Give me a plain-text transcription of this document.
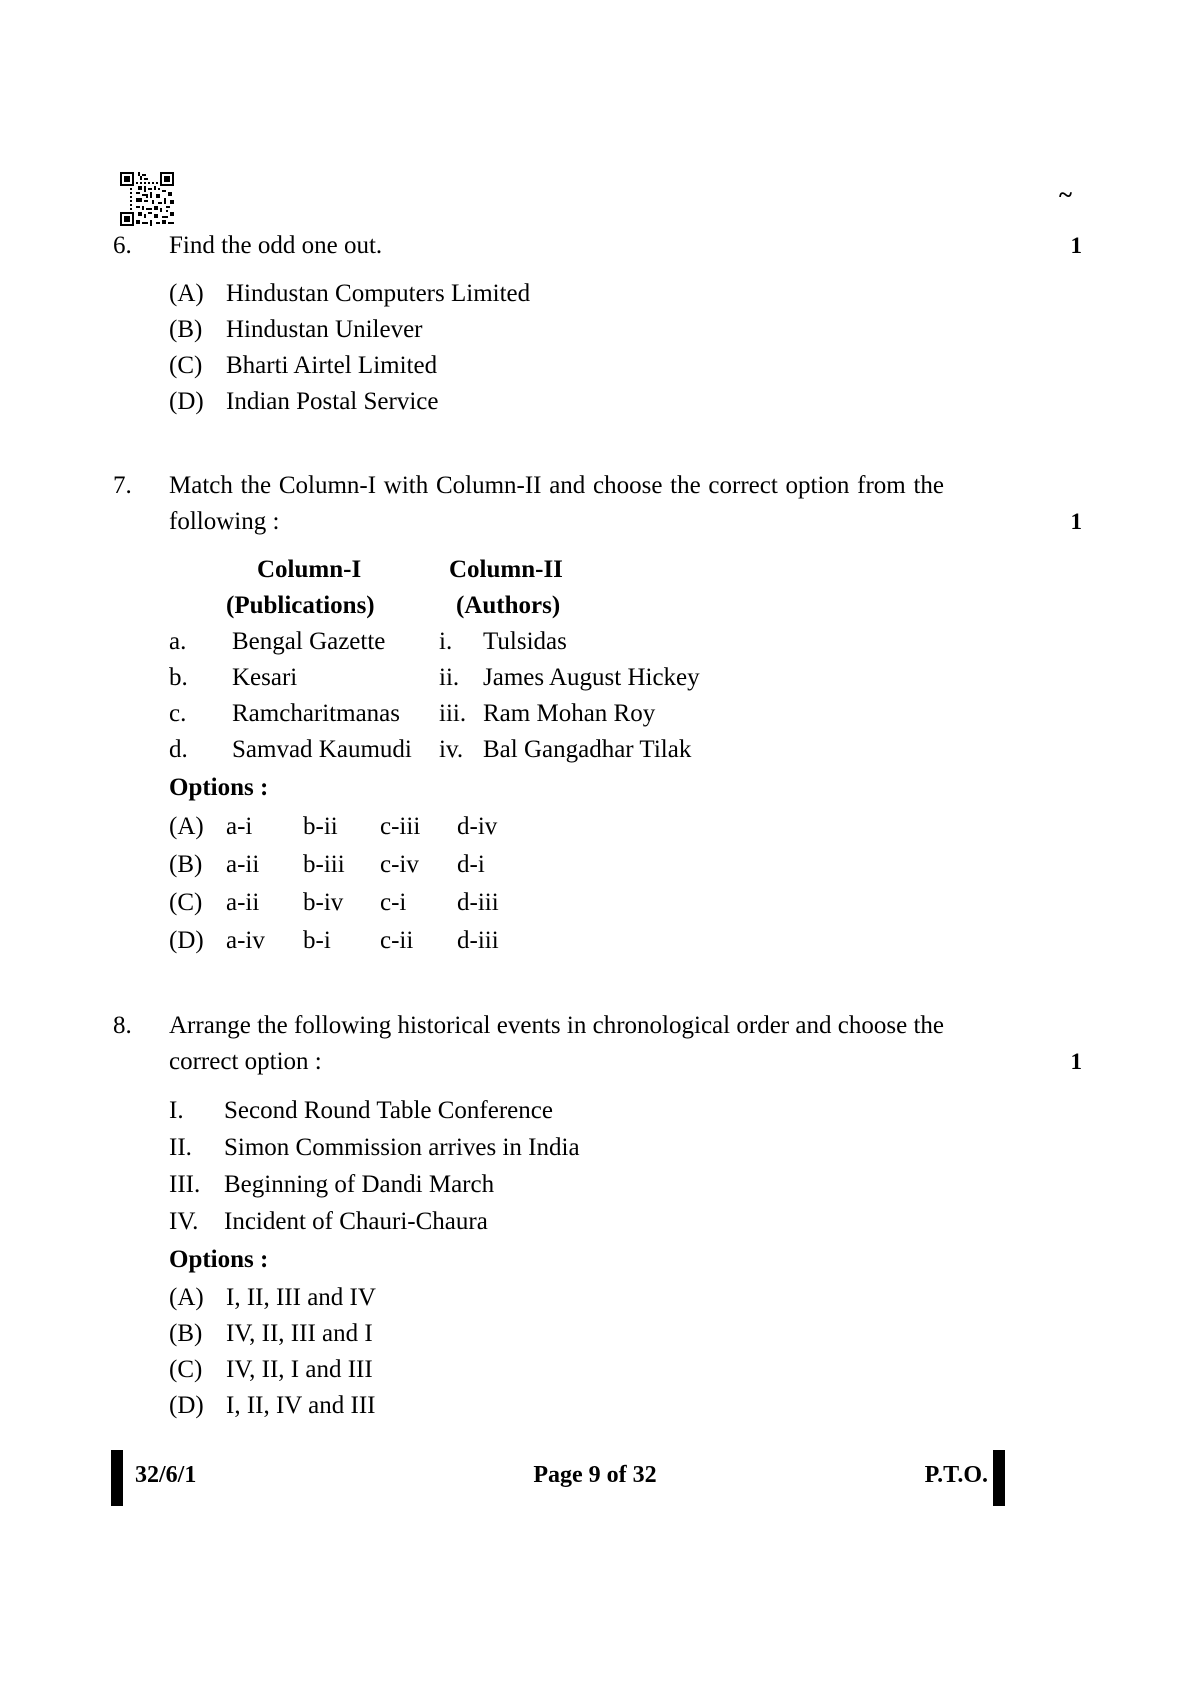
~
6.	Find the odd one out.	1
(A) Hindustan Computers Limited
(B) Hindustan Unilever
(C) Bharti Airtel Limited
(D) Indian Postal Service
7.	Match the Column-I with Column-II and choose the correct option from the following :	1
Column-I	Column-II
(Publications)	(Authors)
a.	Bengal Gazette	i.	Tulsidas
b.	Kesari	ii. James August Hickey
c.	Ramcharitmanas	iii. Ram Mohan Roy
d.	Samvad Kaumudi	iv. Bal Gangadhar Tilak
Options :
(A) a-i	b-ii	c-iii	d-iv
(B) a-ii	b-iii	c-iv	d-i
(C) a-ii	b-iv	c-i	d-iii
(D) a-iv	b-i	c-ii	d-iii
8.	Arrange the following historical events in chronological order and choose the correct option :	1
I.	Second Round Table Conference
II.	Simon Commission arrives in India
III. Beginning of Dandi March
IV.	Incident of Chauri-Chaura
Options :
(A) I, II, III and IV
(B) IV, II, III and I
(C) IV, II, I and III
(D) I, II, IV and III
32/6/1	Page 9 of 32	P.T.O.
